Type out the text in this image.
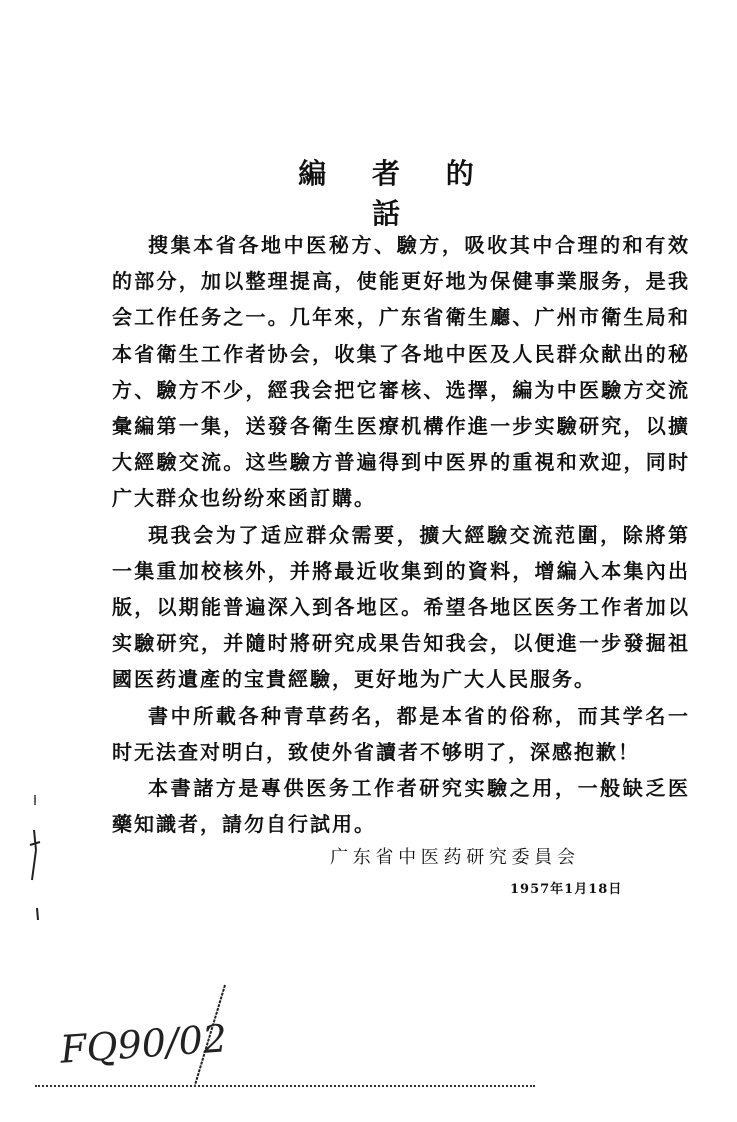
編 者 的 話
搜集本省各地中医秘方、驗方，吸收其中合理的和有效
的部分，加以整理提高，使能更好地为保健事業服务，是我
会工作任务之一。几年來，广东省衛生廳、广州市衛生局和
本省衛生工作者协会，收集了各地中医及人民群众献出的秘
方、驗方不少，經我会把它審核、选擇，編为中医驗方交流
彙編第一集，送發各衛生医療机構作進一步实驗研究，以擴
大經驗交流。这些驗方普遍得到中医界的重視和欢迎，同时
广大群众也纷纷來函訂購。
現我会为了适应群众需要，擴大經驗交流范圍，除將第
一集重加校核外，并將最近收集到的資料，增編入本集內出
版，以期能普遍深入到各地区。希望各地区医务工作者加以
实驗研究，并隨时將研究成果告知我会，以便進一步發掘祖
國医药遺產的宝貴經驗，更好地为广大人民服务。
書中所載各种青草药名，都是本省的俗称，而其学名一
时无法查对明白，致使外省讀者不够明了，深感抱歉！
本書諸方是專供医务工作者研究实驗之用，一般缺乏医
藥知識者，請勿自行試用。
广东省中医药研究委員会
1957年1月18日
FQ90/02
